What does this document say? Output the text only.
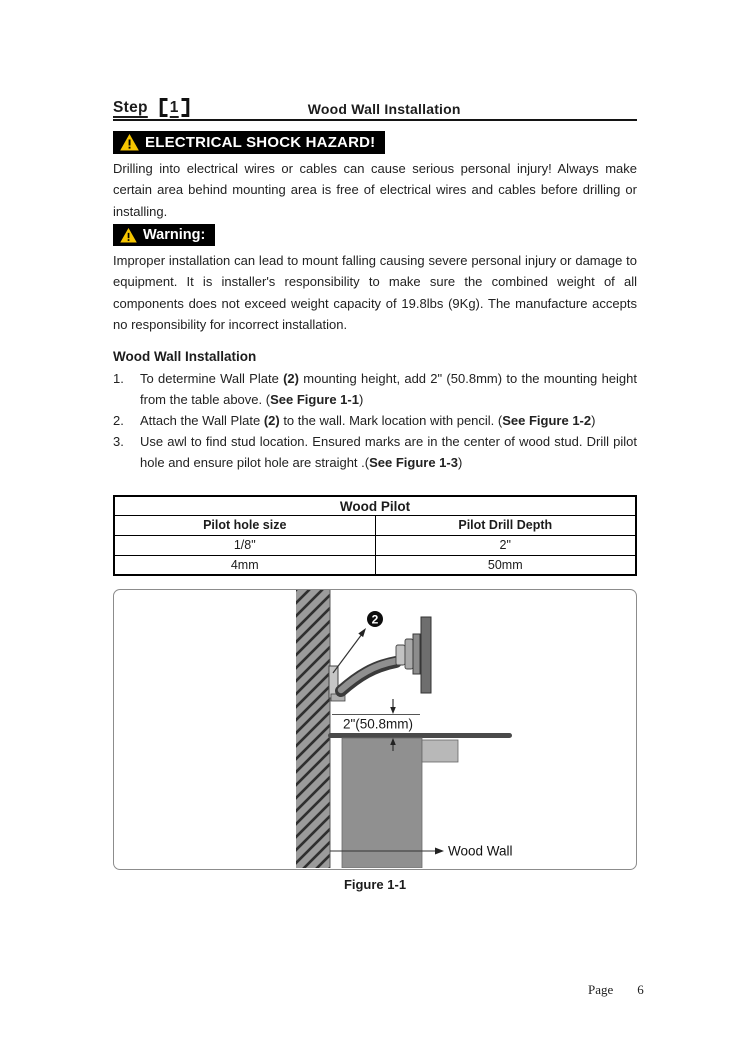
Step 1	Wood Wall Installation
ELECTRICAL SHOCK HAZARD!

Drilling into electrical wires or cables can cause serious personal injury! Always make certain area behind mounting area is free of electrical wires and cables before drilling or installing.

Warning:

Improper installation can lead to mount falling causing severe personal injury or damage to equipment. It is installer's responsibility to make sure the combined weight of all components does not exceed weight capacity of 19.8lbs (9Kg). The manufacture accepts no responsibility for incorrect installation.

Wood Wall Installation
1.	To determine Wall Plate (2) mounting height, add 2" (50.8mm) to the mounting height from the table above. (See Figure 1-1)
2.	Attach the Wall Plate (2) to the wall. Mark location with pencil. (See Figure 1-2)
3.	Use awl to find stud location. Ensured marks are in the center of wood stud. Drill pilot hole and ensure pilot hole are straight .(See Figure 1-3)
Wood Pilot	
Pilot hole size	Pilot Drill Depth
1/8"	2"
4mm	50mm
2
2"(50.8mm)
Wood Wall
Figure 1-1
Page 6
